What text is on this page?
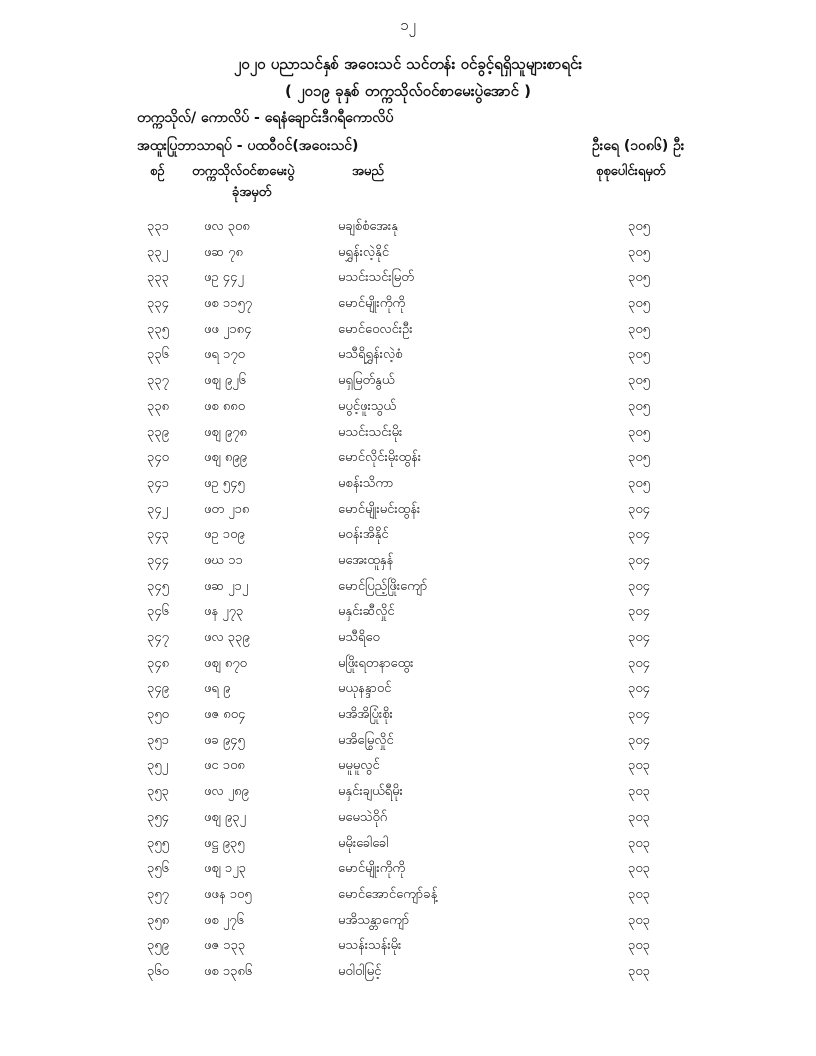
၁၂
၂၀၂၀ ပညာသင်နှစ် အဝေးသင် သင်တန်း ဝင်ခွင့်ရရှိသူများစာရင်း
( ၂၀၁၉ ခုနှစ် တက္ကသိုလ်ဝင်စာမေးပွဲအောင် )
တက္ကသိုလ်/ ကောလိပ် - ရေနံချောင်းဒီဂရီကောလိပ်
အထူးပြုဘာသာရပ် - ပထဝီဝင်(အဝေးသင်)	ဦးရေ (၁၀၈၆) ဦး
စဉ် တက္ကသိုလ်ဝင်စာမေးပွဲ
ခုံအမှတ်
အမည်	စုစုပေါင်းရမှတ်
၃၃၁	ဖလ ၃၀၈	မချစ်စံအေးနု	၃၀၅
၃၃၂	ဖဆ ၇၈	မရွှန်းလဲ့နိုင်	၃၀၅
၃၃၃	ဖဥ ၄၄၂	မသင်းသင်းမြတ်	၃၀၅
၃၃၄	ဖစ ၁၁၅၇	မောင်မျိုးကိုကို	၃၀၅
၃၃၅	ဖဖ ၂၁၈၄	မောင်ဝေလင်းဦး	၃၀၅
၃၃၆	ဖရ ၁၇၀	မသီရိရွှန်းလဲ့စံ	၃၀၅
၃၃၇	ဖစျ ၉၂၆	မရှမြတ်နွယ်	၃၀၅
၃၃၈	ဖစ ၈၈၀	မပွင့်ဖူးသွယ်	၃၀၅
၃၃၉	ဖစျ ၉၇၈	မသင်းသင်းမိုး	၃၀၅
၃၄၀	ဖစျ ၈၉၉	မောင်လိုင်းမိုးထွန်း	၃၀၅
၃၄၁	ဖဥ ၅၄၅	မစန်းသိကာ	၃၀၅
၃၄၂	ဖတ ၂၁၈	မောင်မျိုးမင်းထွန်း	၃၀၄
၃၄၃	ဖဥ ၁၀၉	မဝန်းအိနိုင်	၃၀၄
၃၄၄	ဖဃ ၁၁	မအေးထူနှန်	၃၀၄
၃၄၅	ဖဆ ၂၁၂	မောင်ပြည့်ဖြိုးကျော်	၃၀၄
၃၄၆	ဖန ၂၇၃	မနှင်းဆီလှိုင်	၃၀၄
၃၄၇	ဖလ ၃၃၉	မသီရိဝေ	၃၀၄
၃၄၈	ဖစျ ၈၇၀	မဖြိုးရတနာထွေး	၃၀၄
၃၄၉	ဖရ ၉	မယုနန္ဒာဝင်	၃၀၄
၃၅၀	ဖဇ ၈၀၄	မအိအိပြုံးစိုး	၃၀၄
၃၅၁	ဖခ ၉၄၅	မအိမြွေလှိုင်	၃၀၄
၃၅၂	ဖင ၁၀၈	မမူမူလွင်	၃၀၃
၃၅၃	ဖလ ၂၈၉	မနှင်းချယ်ရီမိုး	၃၀၃
၃၅၄	ဖစျ ၉၃၂	မမေသဲဝိုဂ်	၃၀၃
၃၅၅	ဖဋ္ဌ ၉၃၅	မမိုးခေါခေါ	၃၀၃
၃၅၆	ဖစျ ၁၂၃	မောင်မျိုးကိုကို	၃၀၃
၃၅၇	ဖဖန ၁၀၅	မောင်အောင်ကျော်ခန့်	၃၀၃
၃၅၈	ဖစ ၂၇၆	မအိသန္တာကျော်	၃၀၃
၃၅၉	ဖဇ ၁၃၃	မသန်းသန်းမိုး	၃၀၃
၃၆၀	ဖစ ၁၃၈၆	မဝါဝါမြင့်	၃၀၃
